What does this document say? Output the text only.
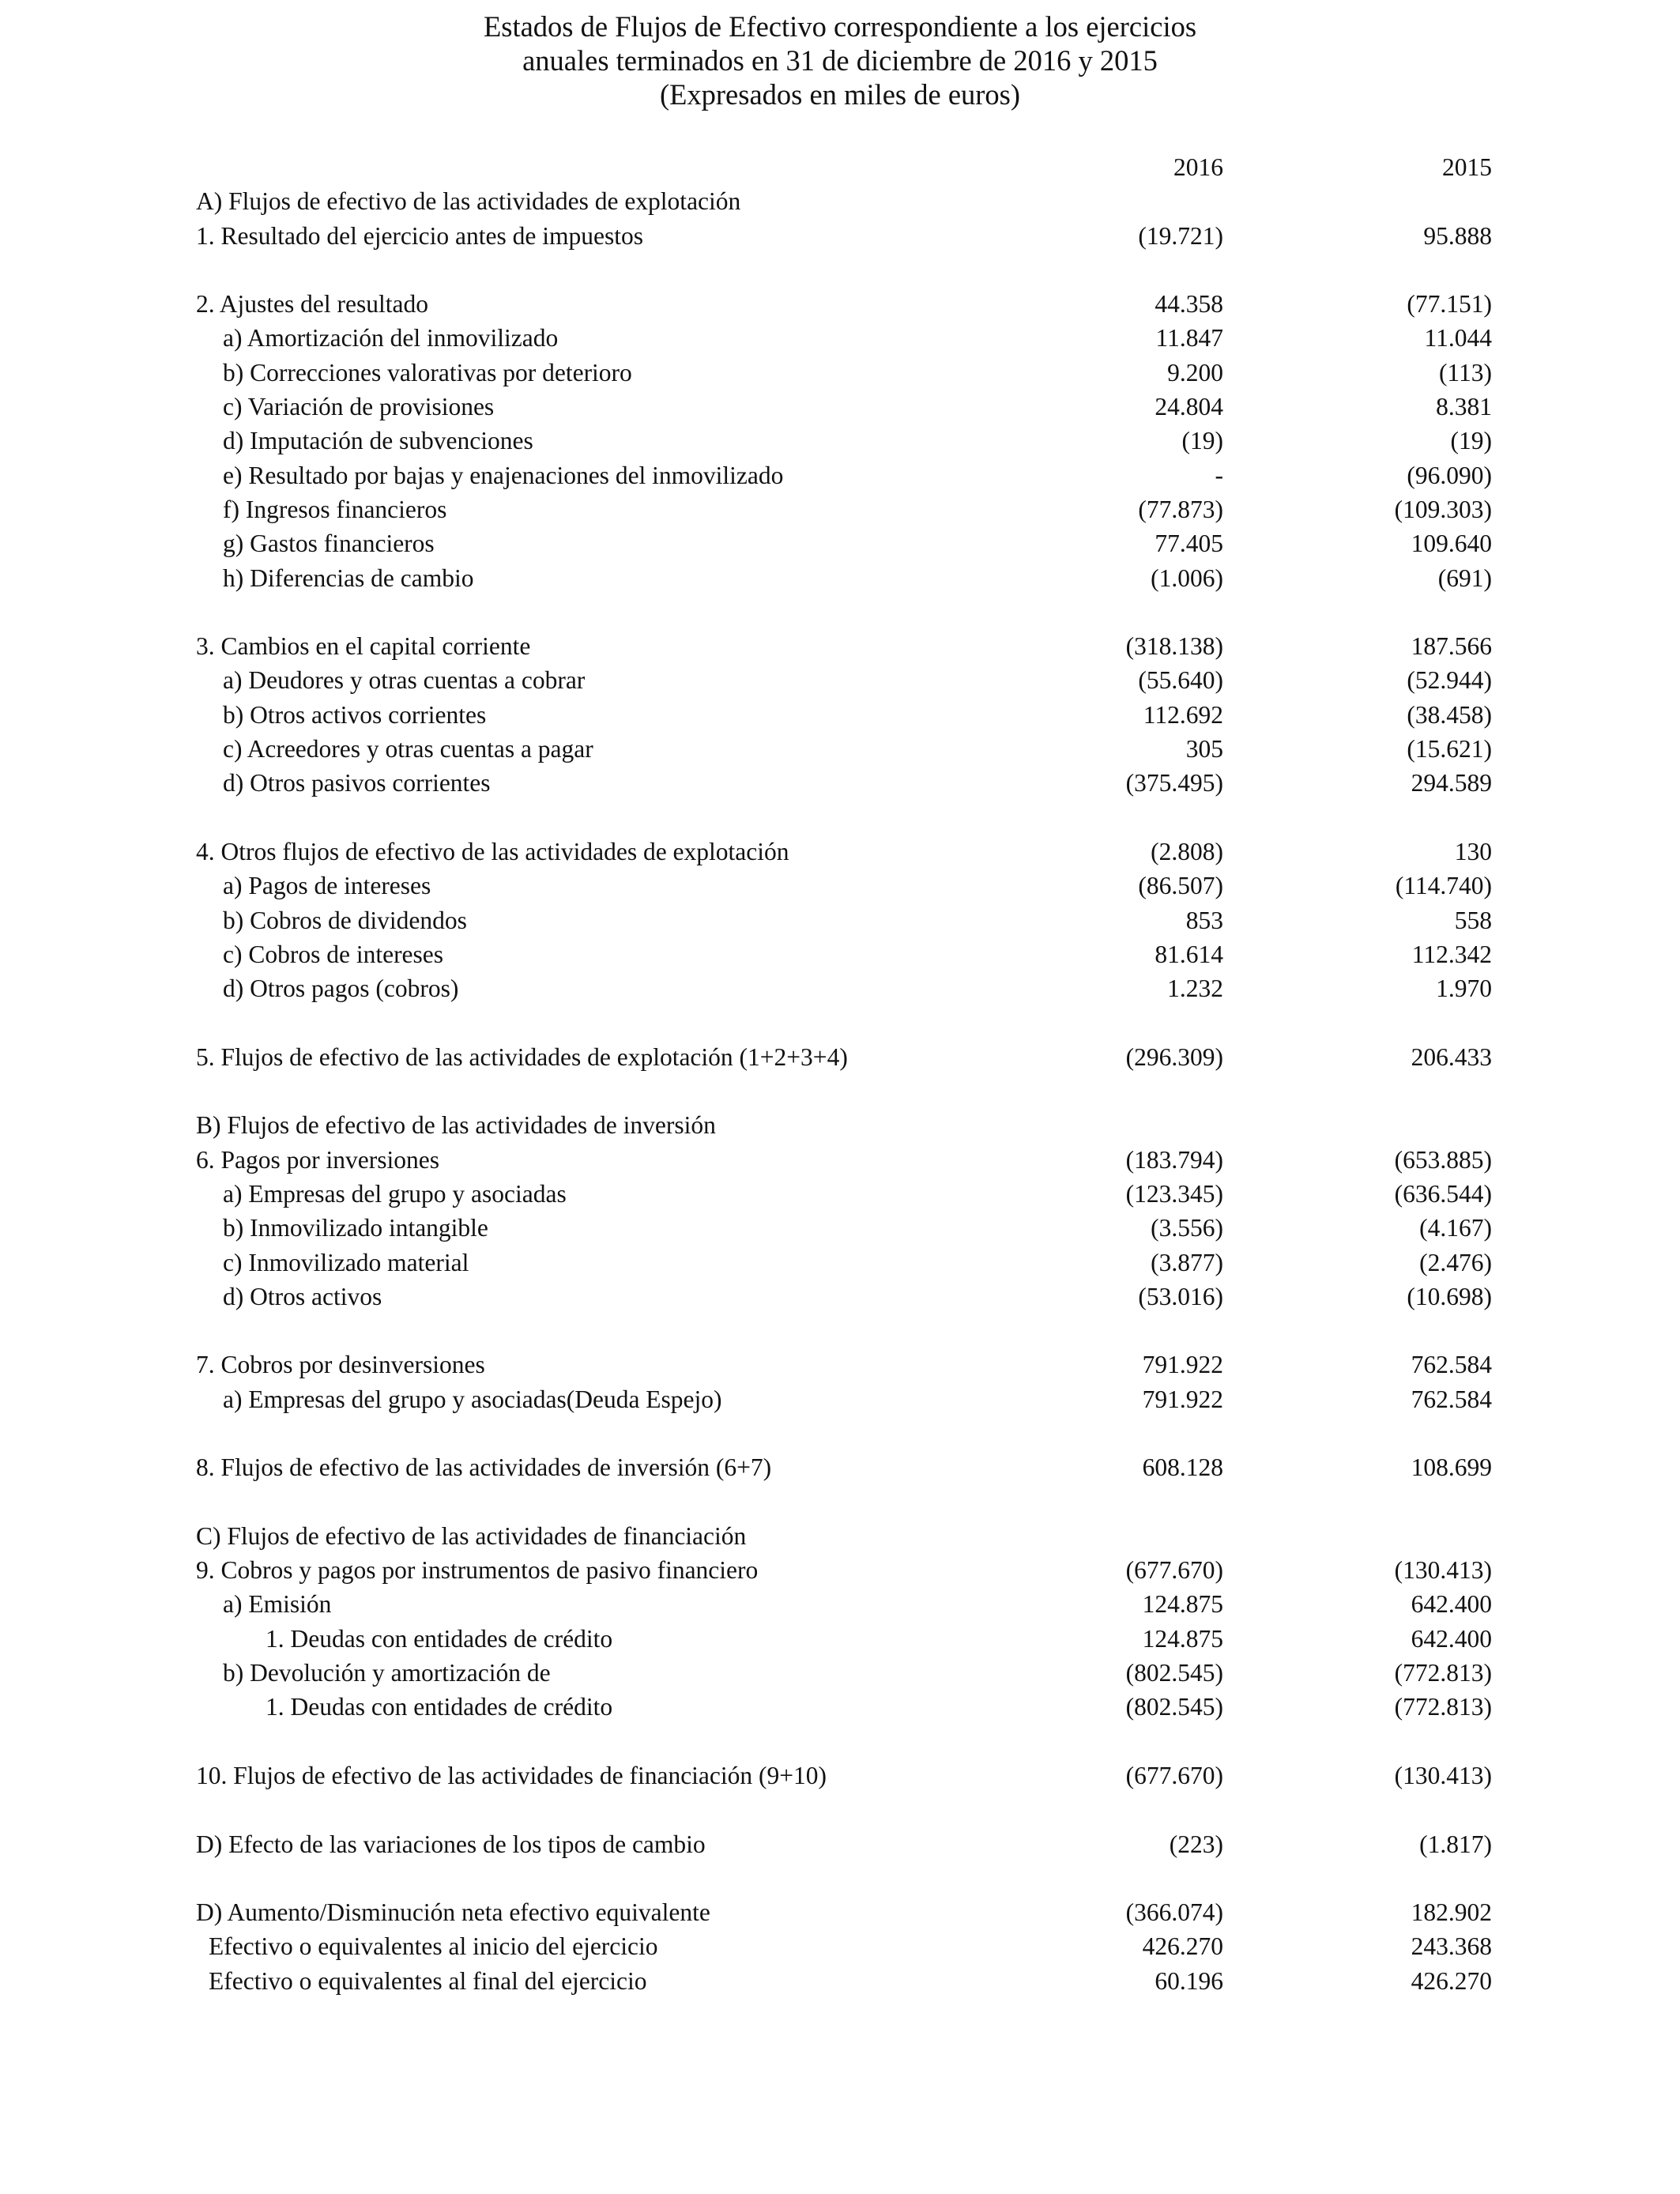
Estados de Flujos de Efectivo correspondiente a los ejercicios
anuales terminados en 31 de diciembre de 2016 y 2015
(Expresados en miles de euros)
2016	2015
A) Flujos de efectivo de las actividades de explotación
1. Resultado del ejercicio antes de impuestos	(19.721)	95.888
2. Ajustes del resultado	44.358	(77.151)
a) Amortización del inmovilizado	11.847	11.044
b) Correcciones valorativas por deterioro	9.200	(113)
c) Variación de provisiones	24.804	8.381
d) Imputación de subvenciones	(19)	(19)
e) Resultado por bajas y enajenaciones del inmovilizado	-	(96.090)
f) Ingresos financieros	(77.873)	(109.303)
g) Gastos financieros	77.405	109.640
h) Diferencias de cambio	(1.006)	(691)
3. Cambios en el capital corriente	(318.138)	187.566
a) Deudores y otras cuentas a cobrar	(55.640)	(52.944)
b) Otros activos corrientes	112.692	(38.458)
c) Acreedores y otras cuentas a pagar	305	(15.621)
d) Otros pasivos corrientes	(375.495)	294.589
4. Otros flujos de efectivo de las actividades de explotación	(2.808)	130
a) Pagos de intereses	(86.507)	(114.740)
b) Cobros de dividendos	853	558
c) Cobros de intereses	81.614	112.342
d) Otros pagos (cobros)	1.232	1.970
5. Flujos de efectivo de las actividades de explotación (1+2+3+4)	(296.309)	206.433
B) Flujos de efectivo de las actividades de inversión
6. Pagos por inversiones	(183.794)	(653.885)
a) Empresas del grupo y asociadas	(123.345)	(636.544)
b) Inmovilizado intangible	(3.556)	(4.167)
c) Inmovilizado material	(3.877)	(2.476)
d) Otros activos	(53.016)	(10.698)
7. Cobros por desinversiones	791.922	762.584
a) Empresas del grupo y asociadas(Deuda Espejo)	791.922	762.584
8. Flujos de efectivo de las actividades de inversión (6+7)	608.128	108.699
C) Flujos de efectivo de las actividades de financiación
9. Cobros y pagos por instrumentos de pasivo financiero	(677.670)	(130.413)
a) Emisión	124.875	642.400
1. Deudas con entidades de crédito	124.875	642.400
b) Devolución y amortización de	(802.545)	(772.813)
1. Deudas con entidades de crédito	(802.545)	(772.813)
10. Flujos de efectivo de las actividades de financiación (9+10)	(677.670)	(130.413)
D) Efecto de las variaciones de los tipos de cambio	(223)	(1.817)
D) Aumento/Disminución neta efectivo equivalente	(366.074)	182.902
Efectivo o equivalentes al inicio del ejercicio	426.270	243.368
Efectivo o equivalentes al final del ejercicio	60.196	426.270
